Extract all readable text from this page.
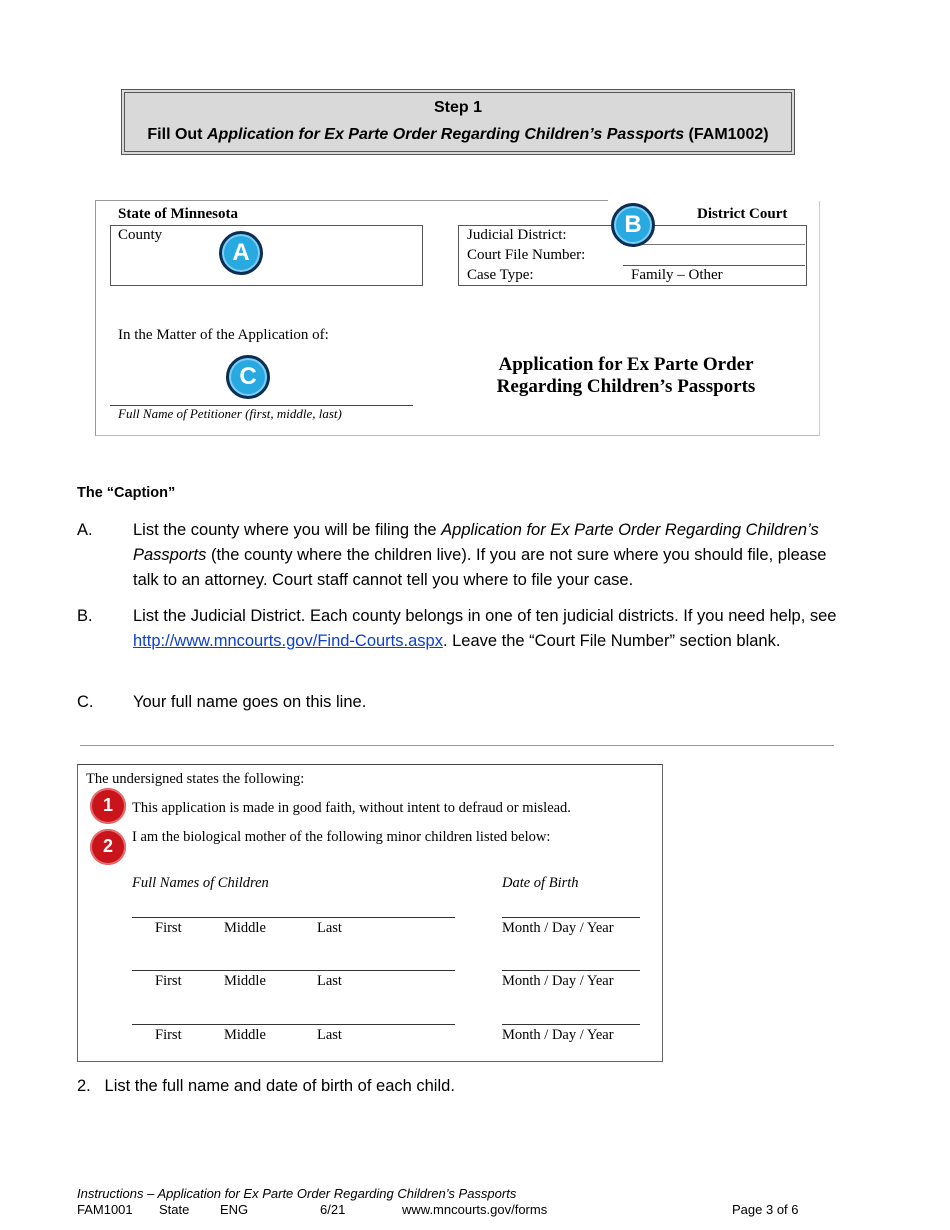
Step 1
Fill Out Application for Ex Parte Order Regarding Children’s Passports (FAM1002)
State of Minnesota
County
A
District Court
Judicial District:
Court File Number:
Case Type:	Family – Other
B
In the Matter of the Application of:
C
Full Name of Petitioner (first, middle, last)
Application for Ex Parte Order
Regarding Children’s Passports
The “Caption”
A. List the county where you will be filing the Application for Ex Parte Order Regarding Children’s Passports (the county where the children live). If you are not sure where you should file, please talk to an attorney. Court staff cannot tell you where to file your case.
B. List the Judicial District. Each county belongs in one of ten judicial districts. If you need help, see http://www.mncourts.gov/Find-Courts.aspx. Leave the “Court File Number” section blank.
C. Your full name goes on this line.
The undersigned states the following:
1	This application is made in good faith, without intent to defraud or mislead.
2	I am the biological mother of the following minor children listed below:
Full Names of Children	Date of Birth
First	Middle	Last	Month / Day / Year
First	Middle	Last	Month / Day / Year
First	Middle	Last	Month / Day / Year
2.   List the full name and date of birth of each child.
Instructions – Application for Ex Parte Order Regarding Children’s Passports
FAM1001 State ENG	6/21	www.mncourts.gov/forms	Page 3 of 6
